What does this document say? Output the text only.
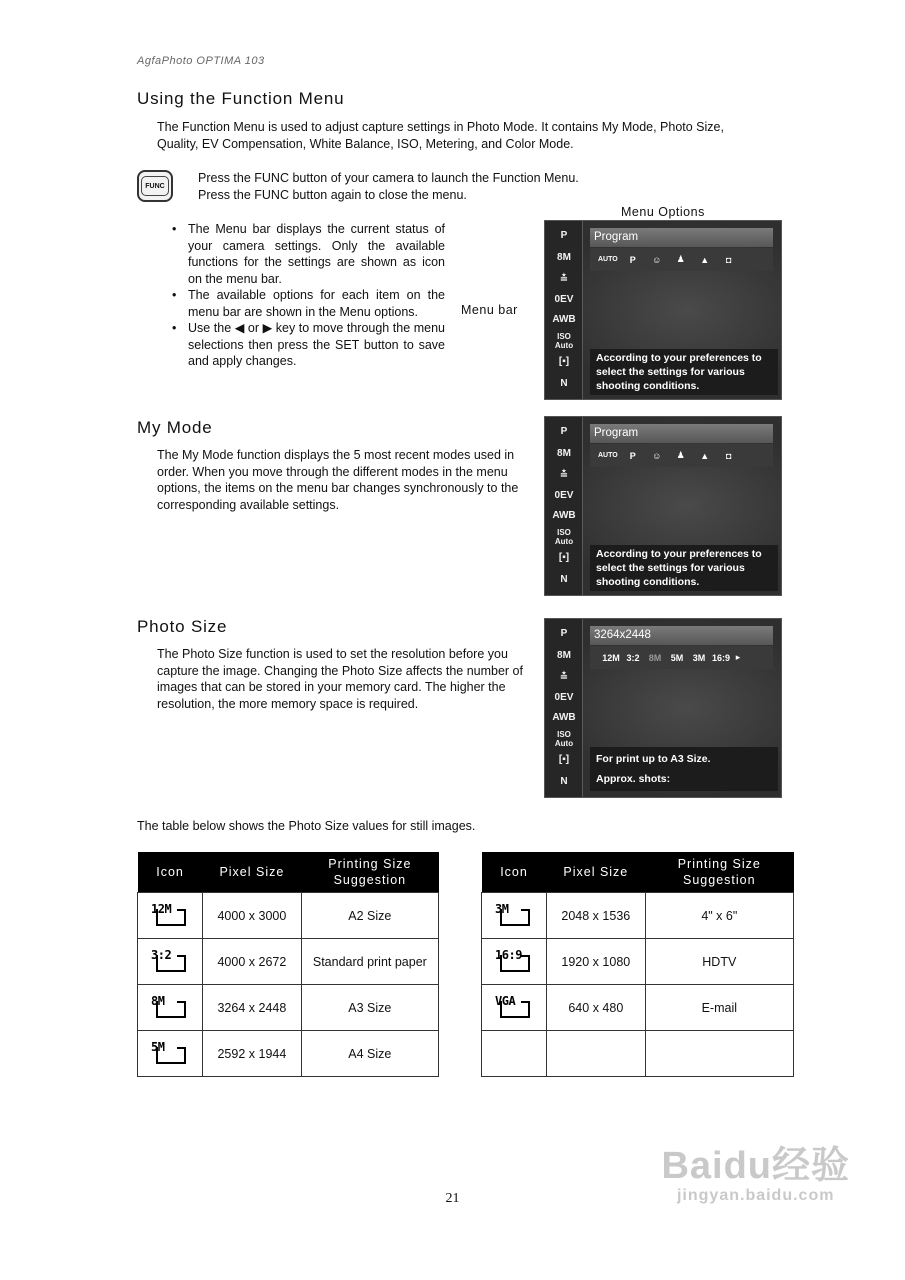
AgfaPhoto OPTIMA 103
Using the Function Menu
The Function Menu is used to adjust capture settings in Photo Mode. It contains My Mode, Photo Size, Quality, EV Compensation, White Balance, ISO, Metering, and Color Mode.
FUNC
Press the FUNC button of your camera to launch the Function Menu.
Press the FUNC button again to close the menu.
Menu Options
• The Menu bar displays the current status of your camera settings. Only the available functions for the settings are shown as icon on the menu bar.
• The available options for each item on the menu bar are shown in the Menu options.
• Use the ◀ or ▶ key to move through the menu selections then press the SET button to save and apply changes.
Menu bar
P
8M
≛
0EV
AWB
ISO Auto
[▪]
N
Program
AUTO	P	☺	♟	▲	◘
According to your preferences to select the settings for various shooting conditions.
My Mode
The My Mode function displays the 5 most recent modes used in order. When you move through the different modes in the menu options, the items on the menu bar changes synchronously to the corresponding available settings.
P
8M
≛
0EV
AWB
ISO Auto
[▪]
N
Program
AUTO	P	☺	♟	▲	◘
According to your preferences to select the settings for various shooting conditions.
Photo Size
The Photo Size function is used to set the resolution before you capture the image. Changing the Photo Size affects the number of images that can be stored in your memory card. The higher the resolution, the more memory space is required.
P
8M
≛
0EV
AWB
ISO Auto
[▪]
N
3264x2448
12M 3:2	8M	5M	3M 16:9 ▸
For print up to A3 Size.
Approx. shots:
The table below shows the Photo Size values for still images.
Icon	Pixel Size	Printing Size Suggestion

12M	4000 x 3000	A2 Size

3:2	4000 x 2672	Standard print paper

8M	3264 x 2448	A3 Size

5M	2592 x 1944	A4 Size
Icon	Pixel Size	Printing Size Suggestion

3M	2048 x 1536	4" x 6"

16:9	1920 x 1080	HDTV

VGA	640 x 480	E-mail

21
Baidu经验
jingyan.baidu.com
